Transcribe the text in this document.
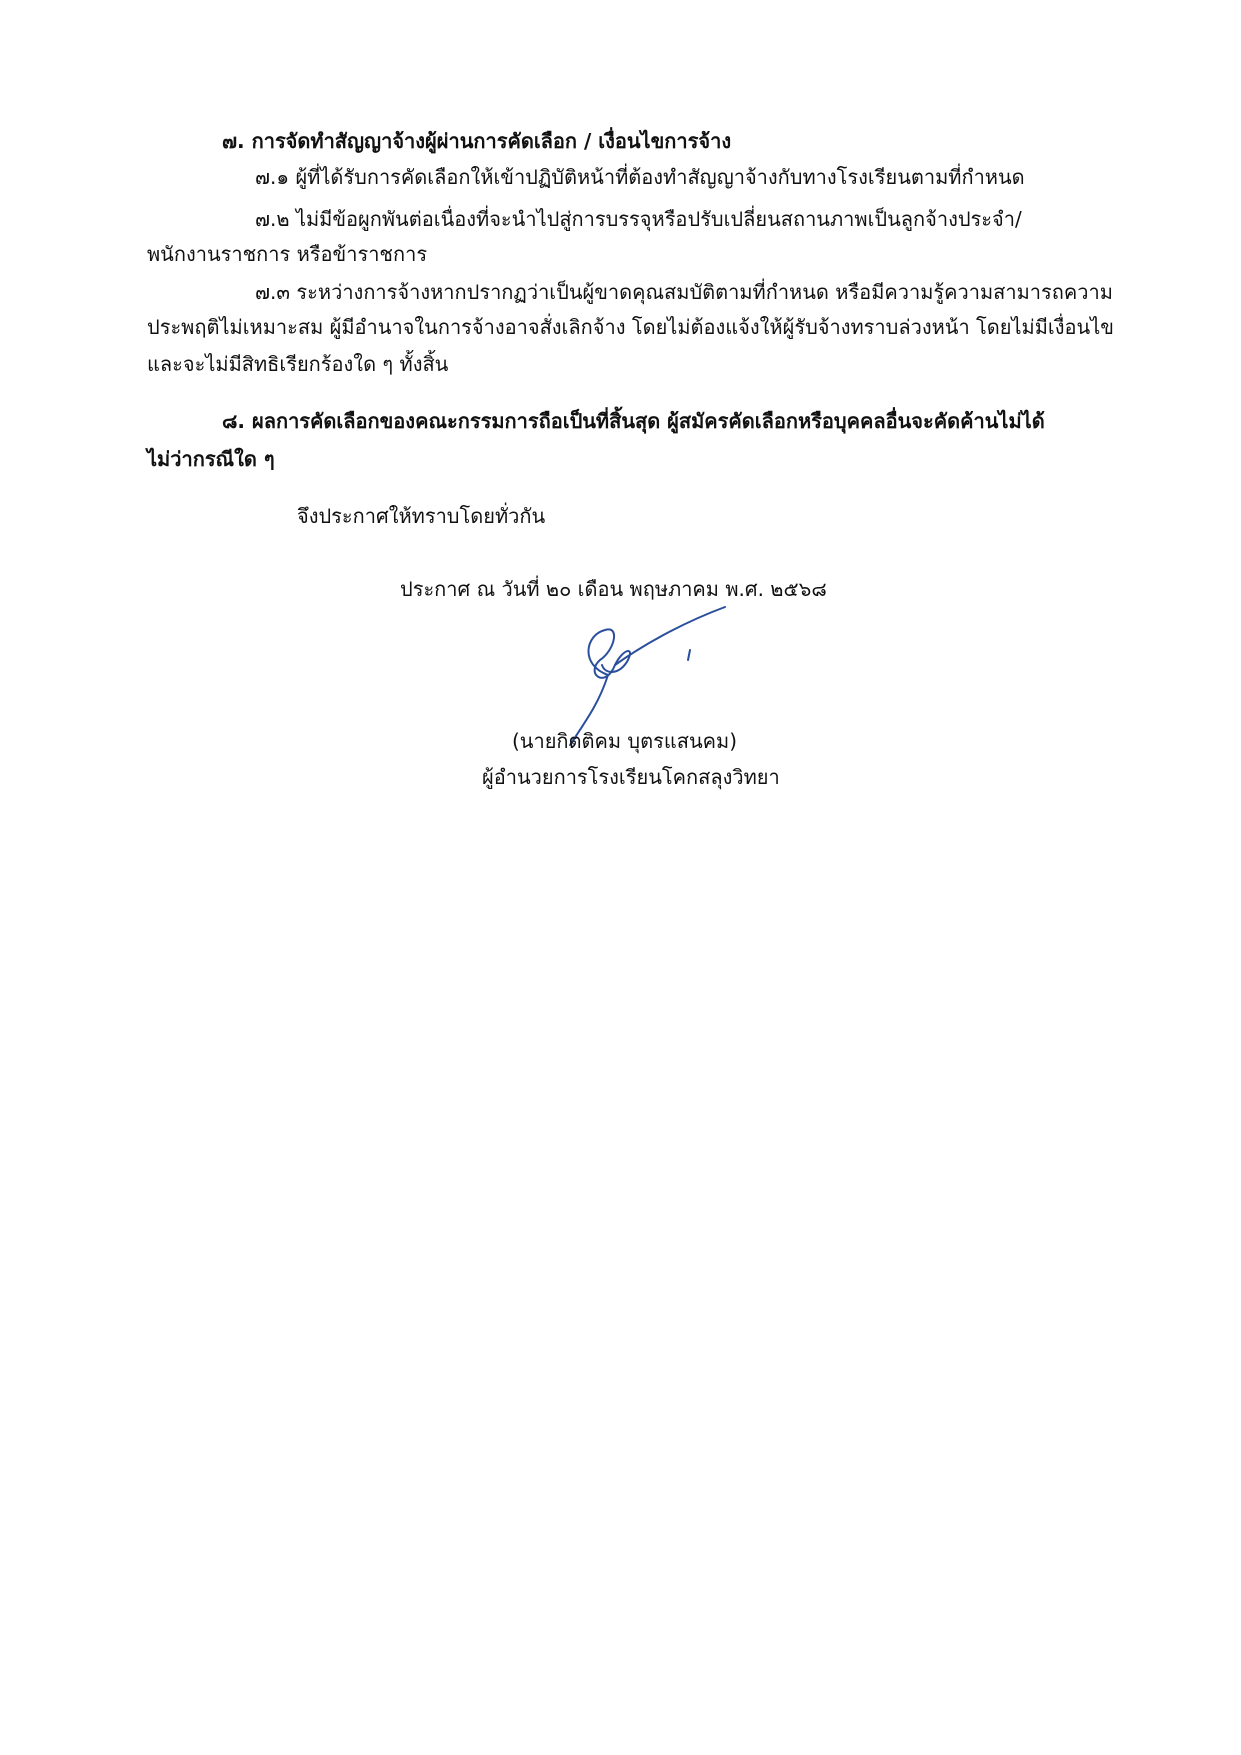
๗. การจัดทำสัญญาจ้างผู้ผ่านการคัดเลือก / เงื่อนไขการจ้าง
๗.๑ ผู้ที่ได้รับการคัดเลือกให้เข้าปฏิบัติหน้าที่ต้องทำสัญญาจ้างกับทางโรงเรียนตามที่กำหนด
๗.๒ ไม่มีข้อผูกพันต่อเนื่องที่จะนำไปสู่การบรรจุหรือปรับเปลี่ยนสถานภาพเป็นลูกจ้างประจำ/
พนักงานราชการ หรือข้าราชการ
๗.๓ ระหว่างการจ้างหากปรากฏว่าเป็นผู้ขาดคุณสมบัติตามที่กำหนด หรือมีความรู้ความสามารถความ
ประพฤติไม่เหมาะสม ผู้มีอำนาจในการจ้างอาจสั่งเลิกจ้าง โดยไม่ต้องแจ้งให้ผู้รับจ้างทราบล่วงหน้า โดยไม่มีเงื่อนไข
และจะไม่มีสิทธิเรียกร้องใด ๆ ทั้งสิ้น
๘. ผลการคัดเลือกของคณะกรรมการถือเป็นที่สิ้นสุด ผู้สมัครคัดเลือกหรือบุคคลอื่นจะคัดค้านไม่ได้
ไม่ว่ากรณีใด ๆ
จึงประกาศให้ทราบโดยทั่วกัน
ประกาศ ณ วันที่ ๒๐ เดือน พฤษภาคม พ.ศ. ๒๕๖๘
(นายกิตติคม บุตรแสนคม)
ผู้อำนวยการโรงเรียนโคกสลุงวิทยา
